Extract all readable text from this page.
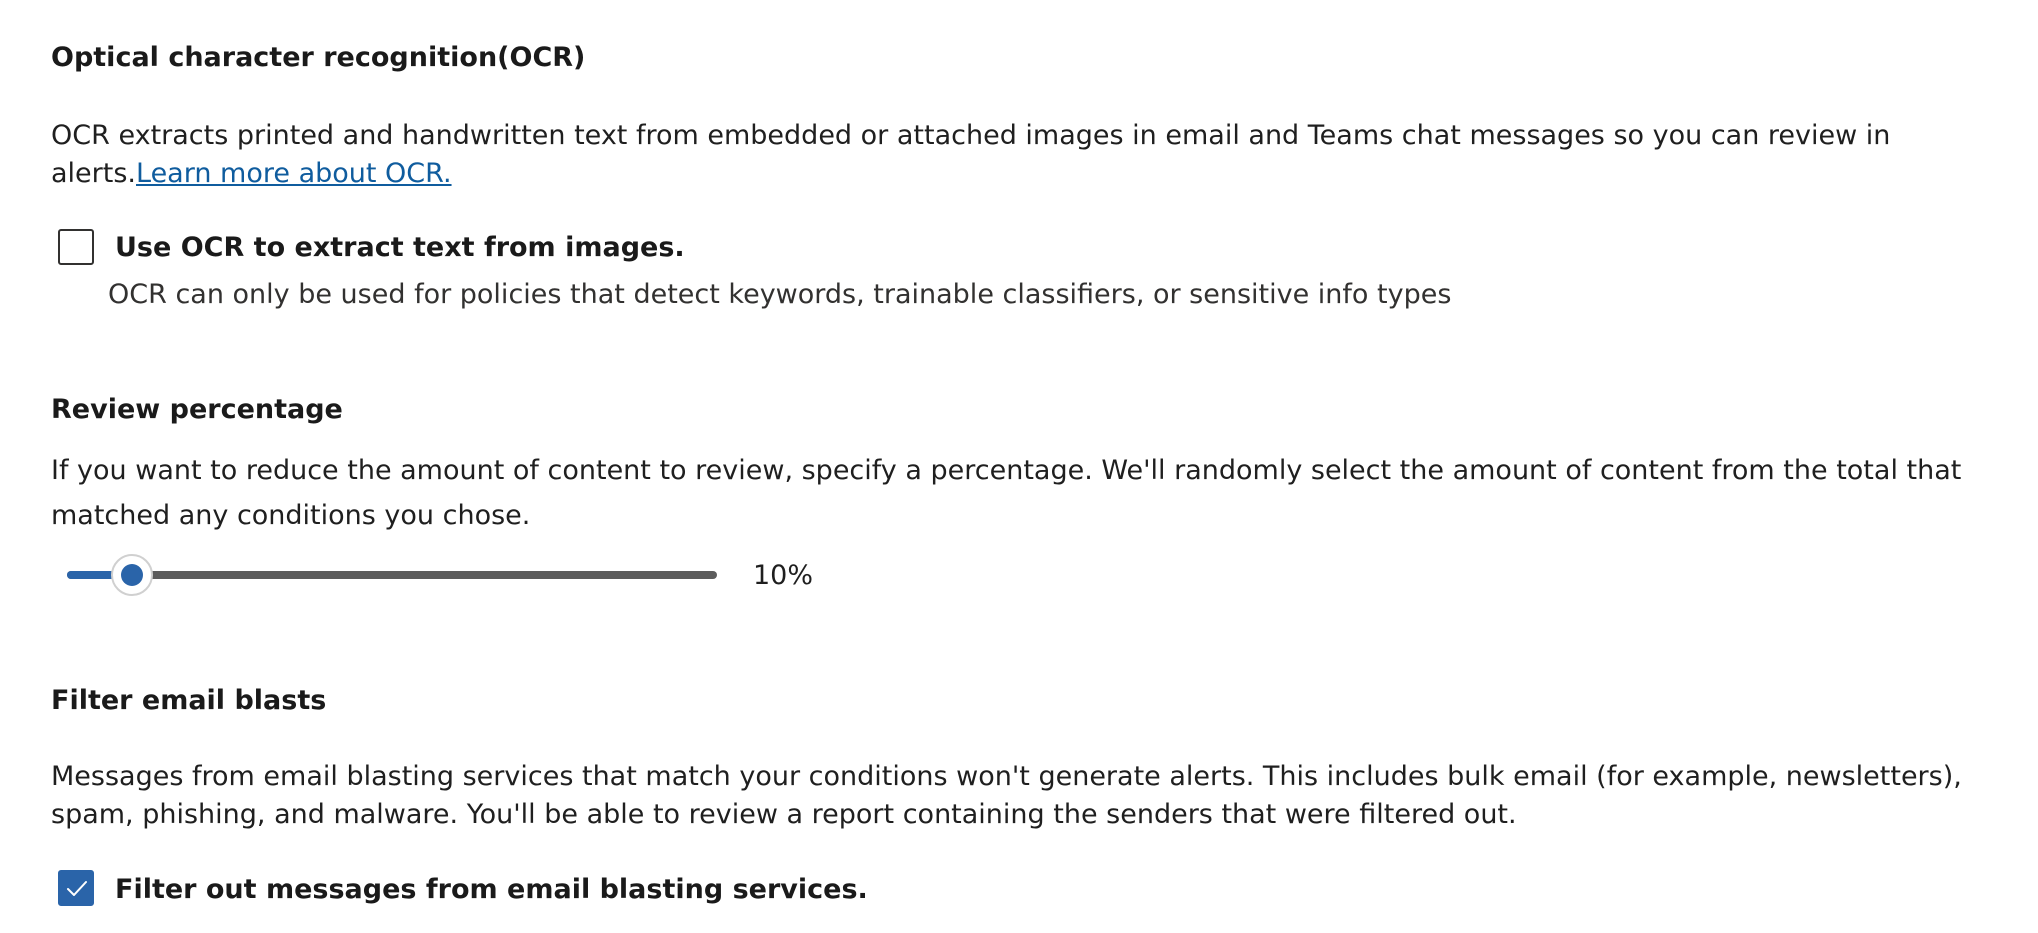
Optical character recognition(OCR)
OCR extracts printed and handwritten text from embedded or attached images in email and Teams chat messages so you can review in alerts.Learn more about OCR.
Use OCR to extract text from images.
OCR can only be used for policies that detect keywords, trainable classifiers, or sensitive info types
Review percentage
If you want to reduce the amount of content to review, specify a percentage. We'll randomly select the amount of content from the total that matched any conditions you chose.
10%
Filter email blasts
Messages from email blasting services that match your conditions won't generate alerts. This includes bulk email (for example, newsletters), spam, phishing, and malware. You'll be able to review a report containing the senders that were filtered out.
Filter out messages from email blasting services.
